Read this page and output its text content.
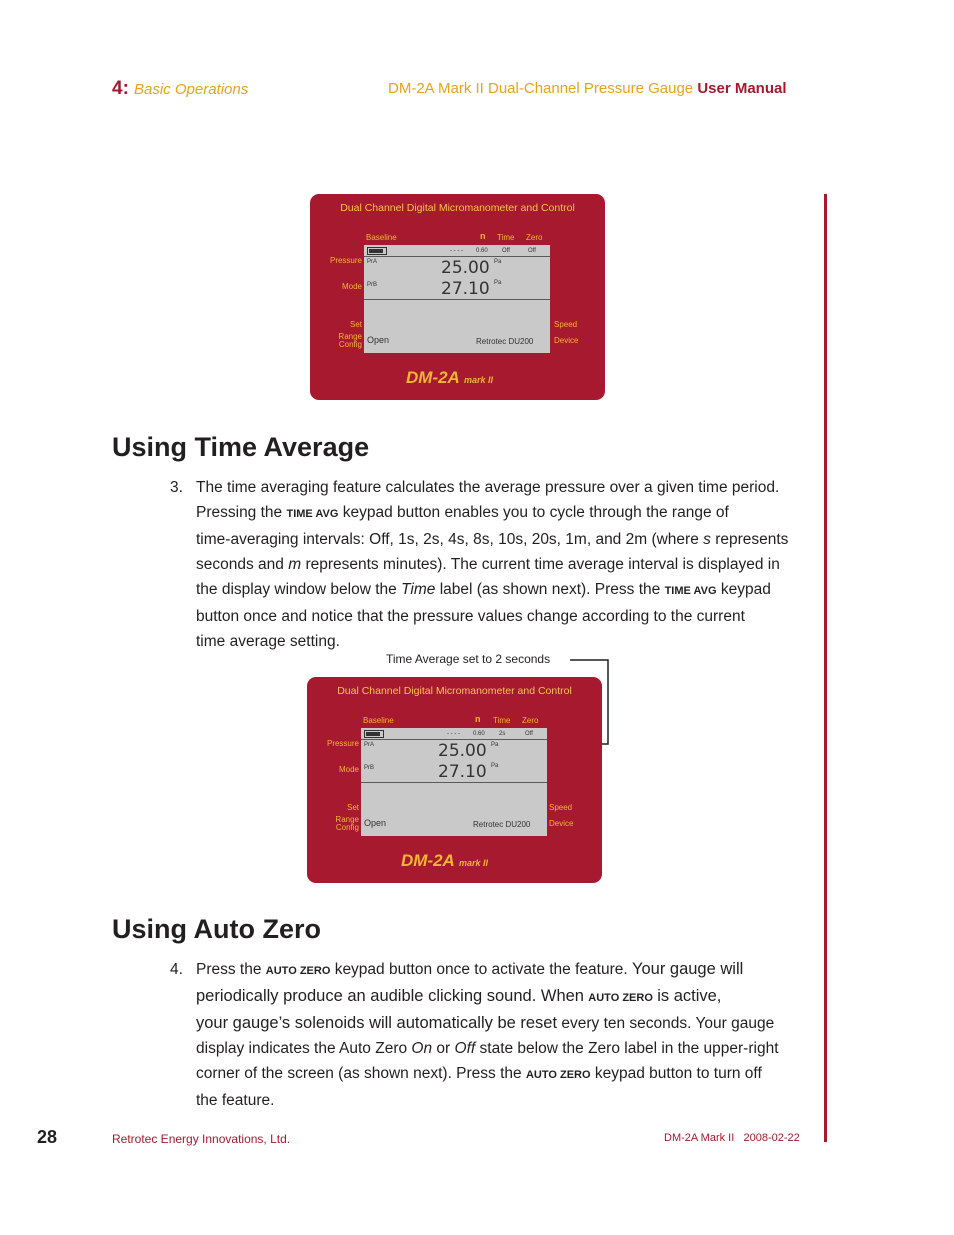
4: Basic Operations	DM-2A Mark II Dual-Channel Pressure Gauge User Manual
Dual Channel Digital Micromanometer and Control
Baseline	n Time Zero
Pressure
Mode
Set
Range
Config
Speed
Device
- - - - 0.60 Off	Off
PrA	25.00 Pa
PrB	27.10 Pa
Open	Retrotec DU200
DM-2A mark II
Using Time Average
3. The time averaging feature calculates the average pressure over a given time period.
Pressing the TIME AVG keypad button enables you to cycle through the range of
time-averaging intervals: Off, 1s, 2s, 4s, 8s, 10s, 20s, 1m, and 2m (where s represents
seconds and m represents minutes). The current time average interval is displayed in
the display window below the Time label (as shown next). Press the TIME AVG keypad
button once and notice that the pressure values change according to the current
time average setting.
Time Average set to 2 seconds
Dual Channel Digital Micromanometer and Control
Baseline	n Time Zero
Pressure
Mode
Set
Range
Config
Speed
Device
- - - - 0.60 2s	Off
PrA	25.00 Pa
PrB	27.10 Pa
Open	Retrotec DU200
DM-2A mark II
Using Auto Zero
4. Press the AUTO ZERO keypad button once to activate the feature. Your gauge will
periodically produce an audible clicking sound. When AUTO ZERO is active,
your gauge’s solenoids will automatically be reset every ten seconds. Your gauge
display indicates the Auto Zero On or Off state below the Zero label in the upper-right
corner of the screen (as shown next). Press the AUTO ZERO keypad button to turn off
the feature.
28	Retrotec Energy Innovations, Ltd.	DM-2A Mark II 2008-02-22
